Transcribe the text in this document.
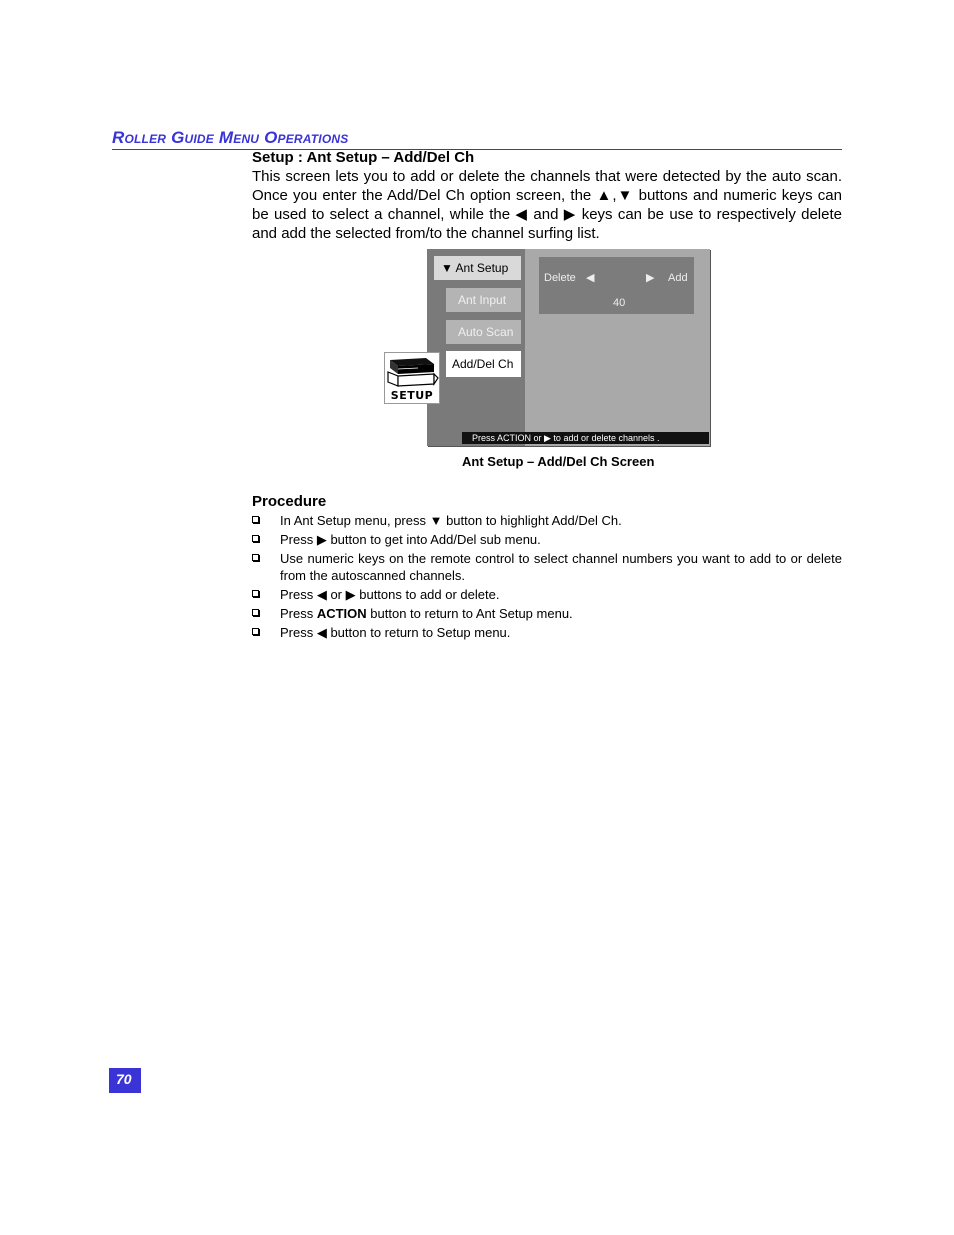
Roller Guide Menu Operations
Setup : Ant Setup – Add/Del Ch

This screen lets you to add or delete the channels that were detected by the auto scan. Once you enter the Add/Del Ch option screen, the ▲,▼ buttons and numeric keys can be used to select a channel, while the ◀ and ▶ keys can be use to respectively delete and add the selected from/to the channel surfing list.

▼ Ant Setup
Ant Input
Auto Scan
Add/Del Ch
Delete ◀	▶ Add
40
Press ACTION or ▶ to add or delete channels .
SETUP
Ant Setup – Add/Del Ch Screen
Procedure
In Ant Setup menu, press ▼ button to highlight Add/Del Ch.
Press ▶ button to get into Add/Del sub menu.
Use numeric keys on the remote control to select channel numbers you want to add to or delete from the autoscanned channels.
Press ◀ or ▶ buttons to add or delete.
Press ACTION button to return to Ant Setup menu.
Press ◀ button to return to Setup menu.
70
